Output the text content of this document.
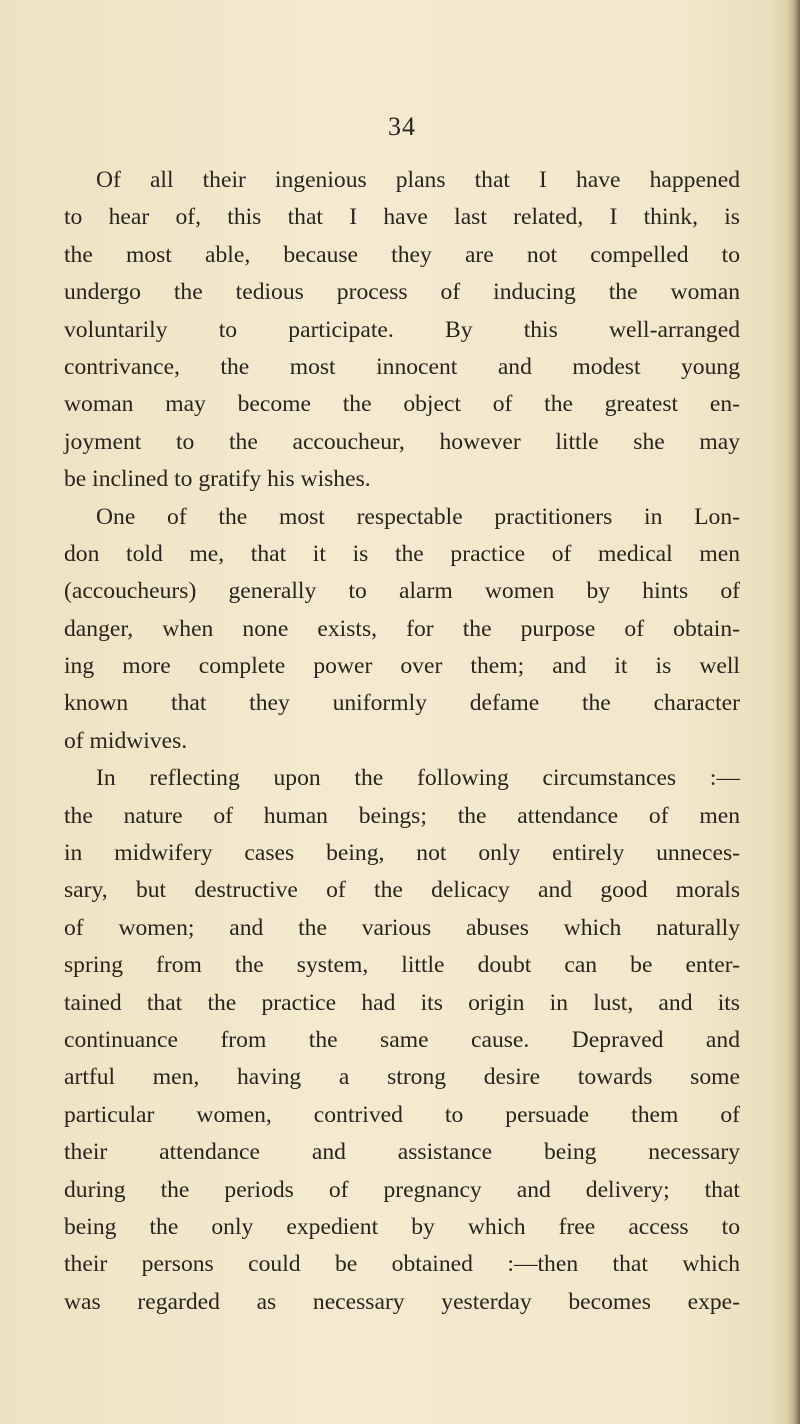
34
Of all their ingenious plans that I have happened
to hear of, this that I have last related, I think, is
the most able, because they are not compelled to
undergo the tedious process of inducing the woman
voluntarily to participate. By this well-arranged
contrivance, the most innocent and modest young
woman may become the object of the greatest en-
joyment to the accoucheur, however little she may
be inclined to gratify his wishes.
One of the most respectable practitioners in Lon-
don told me, that it is the practice of medical men
(accoucheurs) generally to alarm women by hints of
danger, when none exists, for the purpose of obtain-
ing more complete power over them; and it is well
known that they uniformly defame the character
of midwives.
In reflecting upon the following circumstances :—
the nature of human beings; the attendance of men
in midwifery cases being, not only entirely unneces-
sary, but destructive of the delicacy and good morals
of women; and the various abuses which naturally
spring from the system, little doubt can be enter-
tained that the practice had its origin in lust, and its
continuance from the same cause. Depraved and
artful men, having a strong desire towards some
particular women, contrived to persuade them of
their attendance and assistance being necessary
during the periods of pregnancy and delivery; that
being the only expedient by which free access to
their persons could be obtained :—then that which
was regarded as necessary yesterday becomes expe-
